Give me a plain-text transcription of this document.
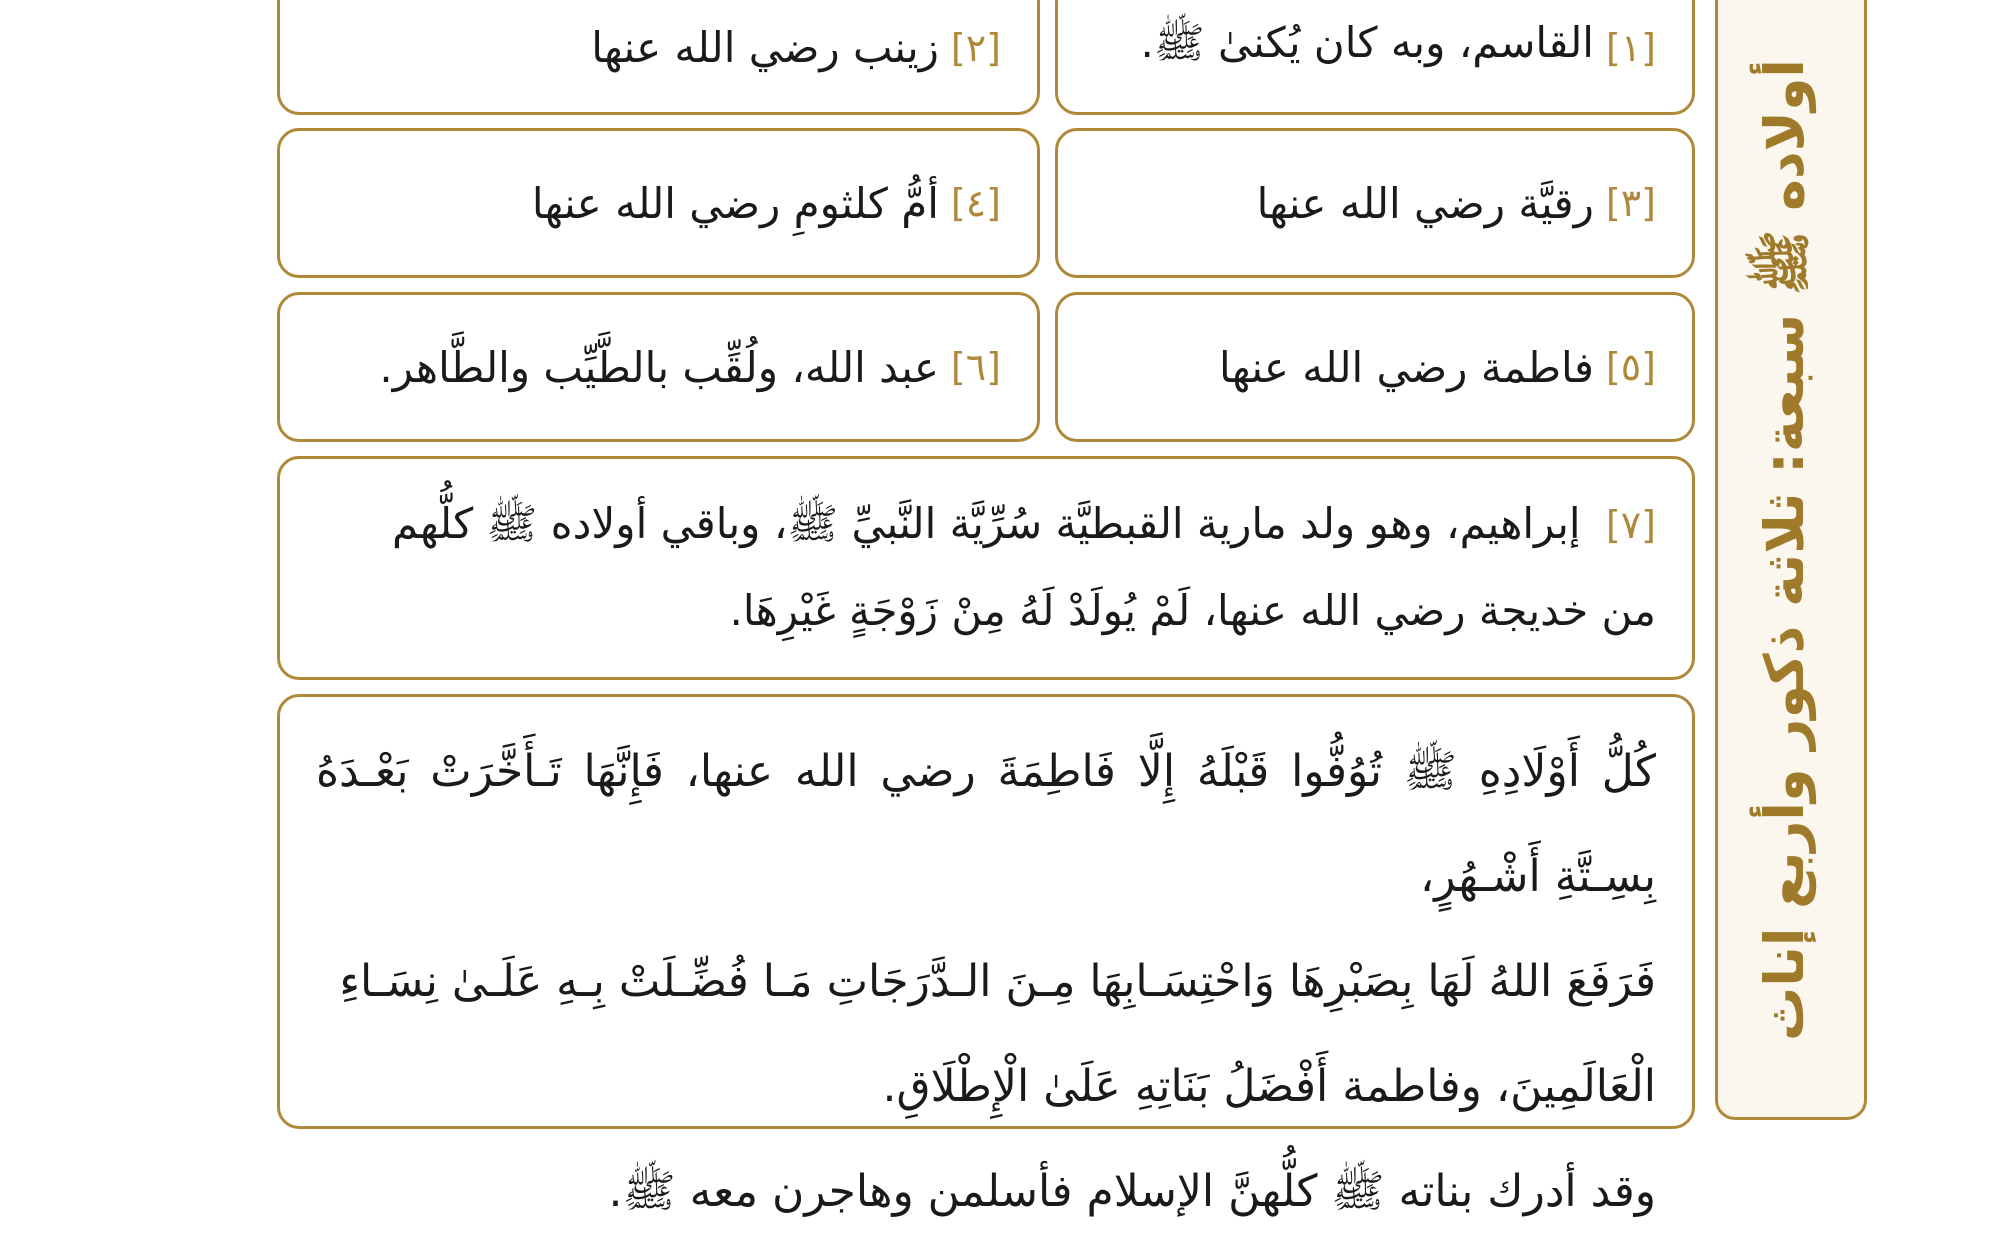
[١]
القاسم، وبه كان يُكنىٰ ﷺ.
[٢]
زينب رضي الله عنها
[٣]
رقيَّة رضي الله عنها
[٤]
أمُّ كلثومِ رضي الله عنها
[٥]
فاطمة رضي الله عنها
[٦]
عبد الله، ولُقِّب بالطَّيِّب والطَّاهر.

[٧] إبراهيم، وهو ولد مارية القبطيَّة سُرِّيَّة النَّبيِّ ﷺ، وباقي أولاده ﷺ كلُّهم

من خديجة رضي الله عنها، لَمْ يُولَدْ لَهُ مِنْ زَوْجَةٍ غَيْرِهَا.

كُلُّ أَوْلَادِهِ ﷺ تُوُفُّوا قَبْلَهُ إِلَّا فَاطِمَةَ رضي الله عنها، فَإِنَّهَا تَـأَخَّرَتْ بَعْـدَهُ بِسِـتَّةِ أَشْـهُرٍ،

فَرَفَعَ اللهُ لَهَا بِصَبْرِهَا وَاحْتِسَـابِهَا مِـنَ الـدَّرَجَاتِ مَـا فُضِّـلَتْ بِـهِ عَلَـىٰ نِسَـاءِ

الْعَالَمِينَ، وفاطمة أَفْضَلُ بَنَاتِهِ عَلَىٰ الْإِطْلَاقِ.

وقد أدرك بناته ﷺ كلُّهنَّ الإسلام فأسلمن وهاجرن معه ﷺ.

أولاده ﷺ سبعة: ثلاثة ذكور وأربع إناث
